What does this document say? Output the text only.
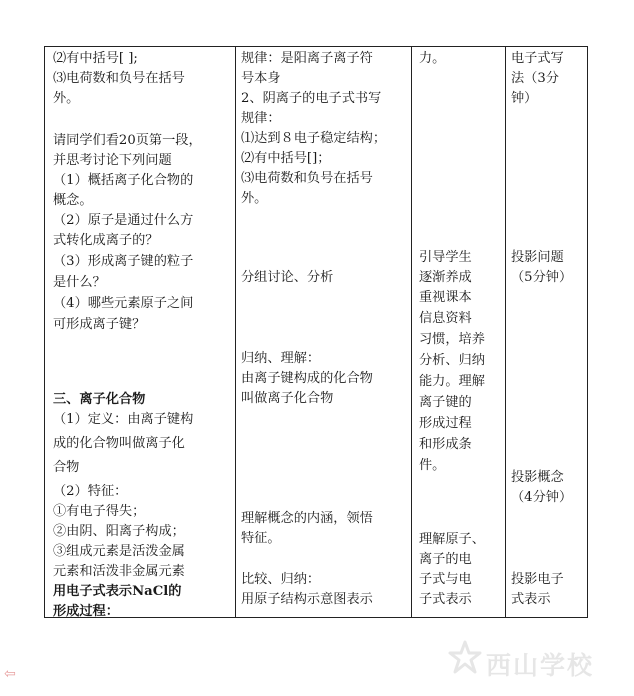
⑵有中括号[ ];
⑶电荷数和负号在括号
外。
请同学们看20页第一段，
并思考讨论下列问题
（1）概括离子化合物的
概念。
（2）原子是通过什么方
式转化成离子的？
（3）形成离子键的粒子
是什么？
（4）哪些元素原子之间
可形成离子键？
三、离子化合物
（1）定义：由离子键构
成的化合物叫做离子化
合物
（2）特征：
①有电子得失；
②由阴、阳离子构成；
③组成元素是活泼金属
元素和活泼非金属元素
用电子式表示NaCl的
形成过程：
规律：是阳离子离子符
号本身
2、阴离子的电子式书写
规律：
⑴达到８电子稳定结构；
⑵有中括号[]；
⑶电荷数和负号在括号
外。
分组讨论、分析
归纳、理解：
由离子键构成的化合物
叫做离子化合物
理解概念的内涵，领悟
特征。
比较、归纳：
用原子结构示意图表示
力。
引导学生
逐渐养成
重视课本
信息资料
习惯，培养
分析、归纳
能力。理解
离子键的
形成过程
和形成条
件。
理解原子、
离子的电
子式与电
子式表示
电子式写
法（3分
钟）
投影问题
（5分钟）
投影概念
（4分钟）
投影电子
式表示
⇦	西山学校
